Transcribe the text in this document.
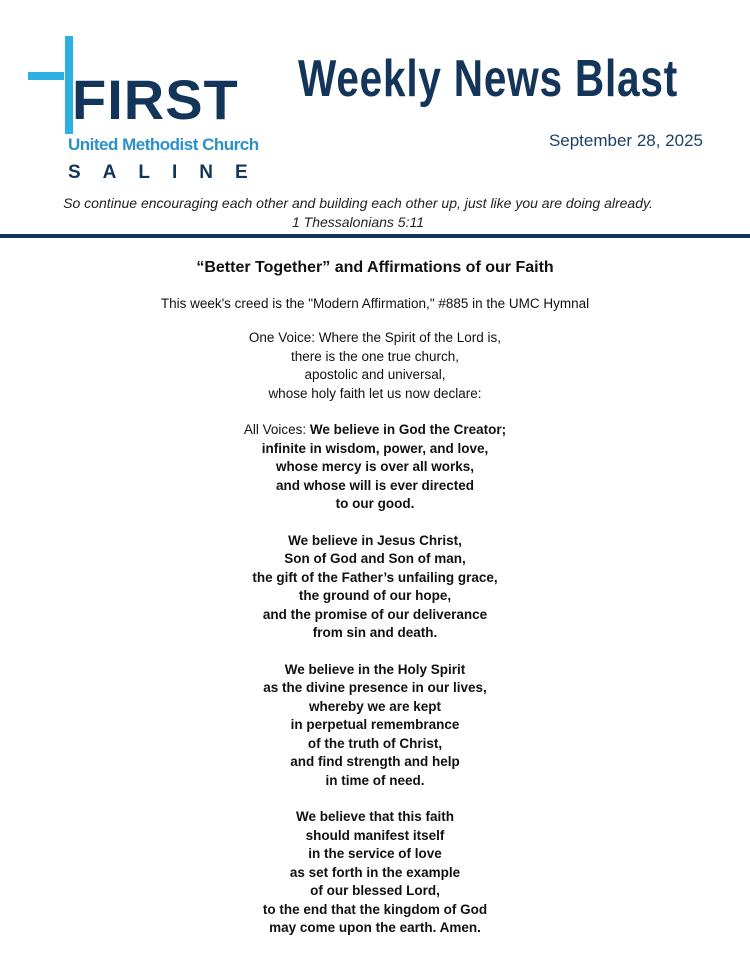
FIRST
United Methodist Church
SALINE
Weekly News Blast
September 28, 2025
So continue encouraging each other and building each other up, just like you are doing already.
1 Thessalonians 5:11
“Better Together” and Affirmations of our Faith
This week's creed is the "Modern Affirmation," #885 in the UMC Hymnal
One Voice: Where the Spirit of the Lord is,
there is the one true church,
apostolic and universal,
whose holy faith let us now declare:
All Voices: We believe in God the Creator;
infinite in wisdom, power, and love,
whose mercy is over all works,
and whose will is ever directed
to our good.
We believe in Jesus Christ,
Son of God and Son of man,
the gift of the Father’s unfailing grace,
the ground of our hope,
and the promise of our deliverance
from sin and death.
We believe in the Holy Spirit
as the divine presence in our lives,
whereby we are kept
in perpetual remembrance
of the truth of Christ,
and find strength and help
in time of need.
We believe that this faith
should manifest itself
in the service of love
as set forth in the example
of our blessed Lord,
to the end that the kingdom of God
may come upon the earth. Amen.
